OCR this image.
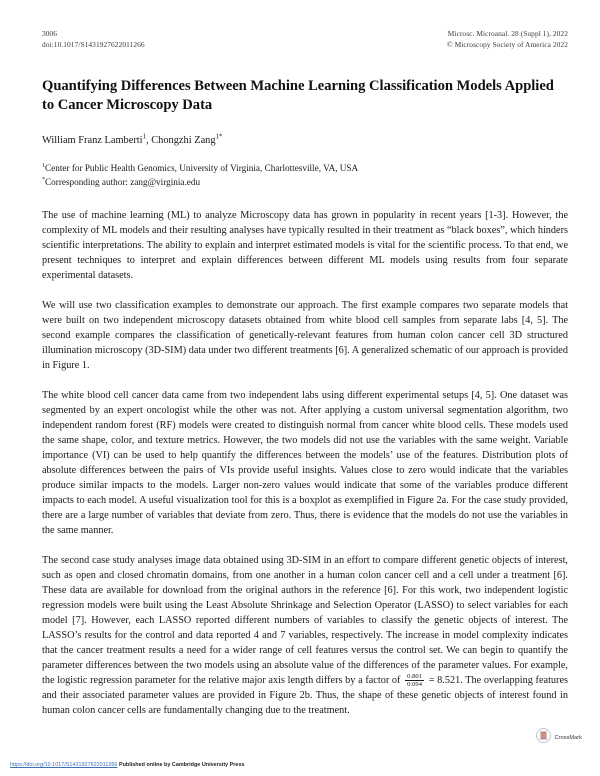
3006
doi:10.1017/S1431927622011266
Microsc. Microanal. 28 (Suppl 1), 2022
© Microscopy Society of America 2022
Quantifying Differences Between Machine Learning Classification Models Applied to Cancer Microscopy Data
William Franz Lamberti$^1$, Chongzhi Zang$^{1*}$
$^1$Center for Public Health Genomics, University of Virginia, Charlottesville, VA, USA
*Corresponding author: zang@virginia.edu

The use of machine learning (ML) to analyze Microscopy data has grown in popularity in recent years [1-3]. However, the complexity of ML models and their resulting analyses have typically resulted in their treatment as “black boxes”, which hinders scientific interpretations. The ability to explain and interpret estimated models is vital for the scientific process. To that end, we present techniques to interpret and explain differences between different ML models using results from four separate experimental datasets.

We will use two classification examples to demonstrate our approach. The first example compares two separate models that were built on two independent microscopy datasets obtained from white blood cell samples from separate labs [4, 5]. The second example compares the classification of genetically-relevant features from human colon cancer cell 3D structured illumination microscopy (3D-SIM) data under two different treatments [6]. A generalized schematic of our approach is provided in Figure 1.

The white blood cell cancer data came from two independent labs using different experimental setups [4, 5]. One dataset was segmented by an expert oncologist while the other was not. After applying a custom universal segmentation algorithm, two independent random forest (RF) models were created to distinguish normal from cancer white blood cells. These models used the same shape, color, and texture metrics. However, the two models did not use the variables with the same weight. Variable importance (VI) can be used to help quantify the differences between the models’ use of the features. Distribution plots of absolute differences between the pairs of VIs provide useful insights. Values close to zero would indicate that the variables produce similar impacts to the models. Larger non-zero values would indicate that some of the variables produce different impacts to each model. A useful visualization tool for this is a boxplot as exemplified in Figure 2a. For the case study provided, there are a large number of variables that deviate from zero. Thus, there is evidence that the models do not use the variables in the same manner.

The second case study analyses image data obtained using 3D-SIM in an effort to compare different genetic objects of interest, such as open and closed chromatin domains, from one another in a human colon cancer cell and a cell under a treatment [6]. These data are available for download from the original authors in the reference [6]. For this work, two independent logistic regression models were built using the Least Absolute Shrinkage and Selection Operator (LASSO) to select variables for each model [7]. However, each LASSO reported different numbers of variables to classify the genetic objects of interest. The LASSO’s results for the control and data reported 4 and 7 variables, respectively. The increase in model complexity indicates that the cancer treatment results a need for a wider range of cell features versus the control set. We can begin to quantify the parameter differences between the two models using an absolute value of the differences of the parameter values. For example, the logistic regression parameter for the relative major axis length differs by a factor of $\frac{0.801}{0.094} = 8.521$. The overlapping features and their associated parameter values are provided in Figure 2b. Thus, the shape of these genetic objects of interest found in human colon cancer cells are fundamentally changing due to the treatment.

https://doi.org/10.1017/S1431927622011266 Published online by Cambridge University Press
CrossMark
